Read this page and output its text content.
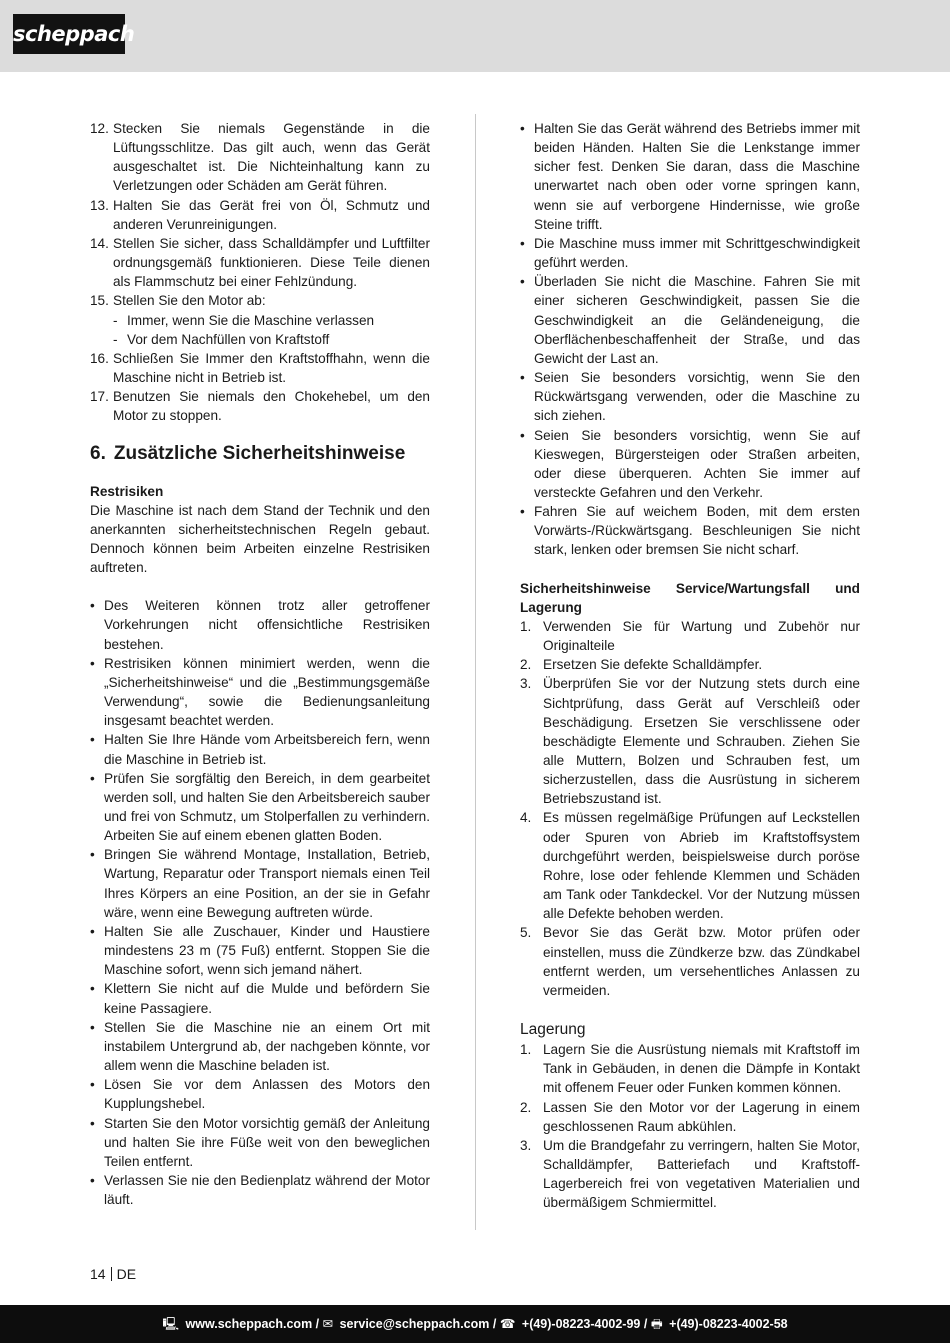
scheppach
12. Stecken Sie niemals Gegenstände in die Lüftungsschlitze. Das gilt auch, wenn das Gerät ausgeschaltet ist. Die Nichteinhaltung kann zu Verletzungen oder Schäden am Gerät führen.
13. Halten Sie das Gerät frei von Öl, Schmutz und anderen Verunreinigungen.
14. Stellen Sie sicher, dass Schalldämpfer und Luftfilter ordnungsgemäß funktionieren. Diese Teile dienen als Flammschutz bei einer Fehlzündung.
15. Stellen Sie den Motor ab:
- Immer, wenn Sie die Maschine verlassen
- Vor dem Nachfüllen von Kraftstoff
16. Schließen Sie Immer den Kraftstoffhahn, wenn die Maschine nicht in Betrieb ist.
17. Benutzen Sie niemals den Chokehebel, um den Motor zu stoppen.
6. Zusätzliche Sicherheitshinweise
Restrisiken

Die Maschine ist nach dem Stand der Technik und den anerkannten sicherheitstechnischen Regeln gebaut. Dennoch können beim Arbeiten einzelne Restrisiken auftreten.

• Des Weiteren können trotz aller getroffener Vorkehrungen nicht offensichtliche Restrisiken bestehen.
• Restrisiken können minimiert werden, wenn die „Sicherheitshinweise“ und die „Bestimmungsgemäße Verwendung“, sowie die Bedienungsanleitung insgesamt beachtet werden.
• Halten Sie Ihre Hände vom Arbeitsbereich fern, wenn die Maschine in Betrieb ist.
• Prüfen Sie sorgfältig den Bereich, in dem gearbeitet werden soll, und halten Sie den Arbeitsbereich sauber und frei von Schmutz, um Stolperfallen zu verhindern. Arbeiten Sie auf einem ebenen glatten Boden.
• Bringen Sie während Montage, Installation, Betrieb, Wartung, Reparatur oder Transport niemals einen Teil Ihres Körpers an eine Position, an der sie in Gefahr wäre, wenn eine Bewegung auftreten würde.
• Halten Sie alle Zuschauer, Kinder und Haustiere mindestens 23 m (75 Fuß) entfernt. Stoppen Sie die Maschine sofort, wenn sich jemand nähert.
• Klettern Sie nicht auf die Mulde und befördern Sie keine Passagiere.
• Stellen Sie die Maschine nie an einem Ort mit instabilem Untergrund ab, der nachgeben könnte, vor allem wenn die Maschine beladen ist.
• Lösen Sie vor dem Anlassen des Motors den Kupplungshebel.
• Starten Sie den Motor vorsichtig gemäß der Anleitung und halten Sie ihre Füße weit von den beweglichen Teilen entfernt.
• Verlassen Sie nie den Bedienplatz während der Motor läuft.
• Halten Sie das Gerät während des Betriebs immer mit beiden Händen. Halten Sie die Lenkstange immer sicher fest. Denken Sie daran, dass die Maschine unerwartet nach oben oder vorne springen kann, wenn sie auf verborgene Hindernisse, wie große Steine trifft.
• Die Maschine muss immer mit Schrittgeschwindigkeit geführt werden.
• Überladen Sie nicht die Maschine. Fahren Sie mit einer sicheren Geschwindigkeit, passen Sie die Geschwindigkeit an die Geländeneigung, die Oberflächenbeschaffenheit der Straße, und das Gewicht der Last an.
• Seien Sie besonders vorsichtig, wenn Sie den Rückwärtsgang verwenden, oder die Maschine zu sich ziehen.
• Seien Sie besonders vorsichtig, wenn Sie auf Kieswegen, Bürgersteigen oder Straßen arbeiten, oder diese überqueren. Achten Sie immer auf versteckte Gefahren und den Verkehr.
• Fahren Sie auf weichem Boden, mit dem ersten Vorwärts-/Rückwärtsgang. Beschleunigen Sie nicht stark, lenken oder bremsen Sie nicht scharf.
Sicherheitshinweise Service/Wartungsfall und Lagerung
1. Verwenden Sie für Wartung und Zubehör nur Originalteile
2. Ersetzen Sie defekte Schalldämpfer.
3. Überprüfen Sie vor der Nutzung stets durch eine Sichtprüfung, dass Gerät auf Verschleiß oder Beschädigung. Ersetzen Sie verschlissene oder beschädigte Elemente und Schrauben. Ziehen Sie alle Muttern, Bolzen und Schrauben fest, um sicherzustellen, dass die Ausrüstung in sicherem Betriebszustand ist.
4. Es müssen regelmäßige Prüfungen auf Leckstellen oder Spuren von Abrieb im Kraftstoffsystem durchgeführt werden, beispielsweise durch poröse Rohre, lose oder fehlende Klemmen und Schäden am Tank oder Tankdeckel. Vor der Nutzung müssen alle Defekte behoben werden.
5. Bevor Sie das Gerät bzw. Motor prüfen oder einstellen, muss die Zündkerze bzw. das Zündkabel entfernt werden, um versehentliches Anlassen zu vermeiden.
Lagerung
1. Lagern Sie die Ausrüstung niemals mit Kraftstoff im Tank in Gebäuden, in denen die Dämpfe in Kontakt mit offenem Feuer oder Funken kommen können.
2. Lassen Sie den Motor vor der Lagerung in einem geschlossenen Raum abkühlen.
3. Um die Brandgefahr zu verringern, halten Sie Motor, Schalldämpfer, Batteriefach und Kraftstoff-Lagerbereich frei von vegetativen Materialien und übermäßigem Schmiermittel.
14 DE
🖳 www.scheppach.com / ✉ service@scheppach.com / ☎ +(49)-08223-4002-99 / 🖶 +(49)-08223-4002-58
